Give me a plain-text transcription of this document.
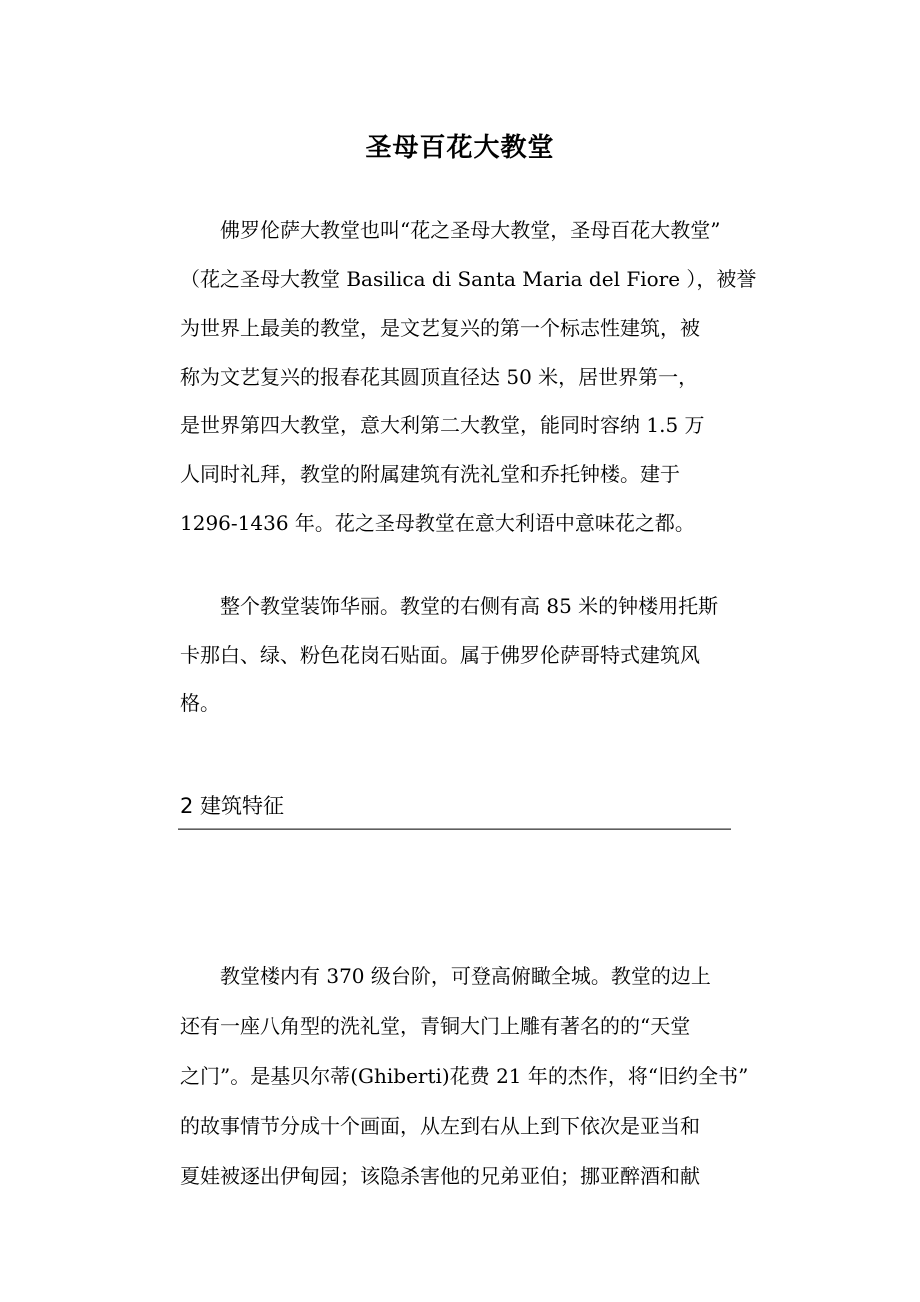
圣母百花大教堂
　　佛罗伦萨大教堂也叫“花之圣母大教堂，圣母百花大教堂”
（花之圣母大教堂 Basilica di Santa Maria del Fiore ），被誉
为世界上最美的教堂，是文艺复兴的第一个标志性建筑，被
称为文艺复兴的报春花其圆顶直径达 50 米，居世界第一，
是世界第四大教堂，意大利第二大教堂，能同时容纳 1.5 万
人同时礼拜，教堂的附属建筑有洗礼堂和乔托钟楼。建于
1296-1436 年。花之圣母教堂在意大利语中意味花之都。
　　整个教堂装饰华丽。教堂的右侧有高 85 米的钟楼用托斯
卡那白、绿、粉色花岗石贴面。属于佛罗伦萨哥特式建筑风
格。
2 建筑特征
　　教堂楼内有 370 级台阶，可登高俯瞰全城。教堂的边上
还有一座八角型的洗礼堂，青铜大门上雕有著名的的“天堂
之门”。是基贝尔蒂(Ghiberti)花费 21 年的杰作，将“旧约全书”
的故事情节分成十个画面，从左到右从上到下依次是亚当和
夏娃被逐出伊甸园；该隐杀害他的兄弟亚伯；挪亚醉酒和献
